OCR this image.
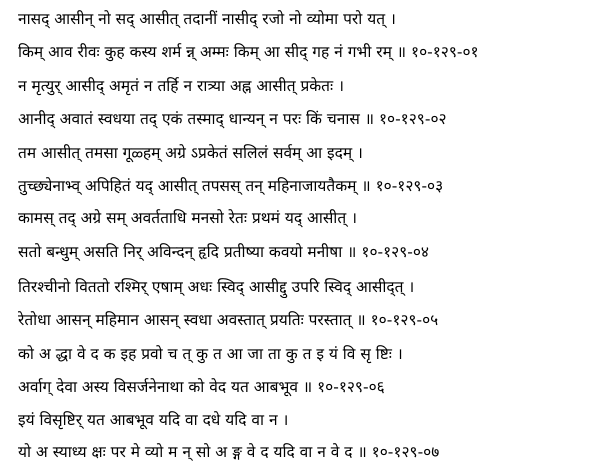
नासद् आसीन् नो सद् आसीत् तदानीं नासीद् रजो नो व्योमा परो यत् ।
किम् आव रीवः कुह कस्य शर्म न्न् अम्मः किम् आ सीद् गह नं गभी रम् ॥ १०-१२९-०१
न मृत्युर् आसीद् अमृतं न तर्हि न रात्र्या अह्न आसीत् प्रकेतः ।
आनीद् अवातं स्वधया तद् एकं तस्माद् धान्यन् न परः किं चनास ॥ १०-१२९-०२
तम आसीत् तमसा गूळ्हम् अग्रे ऽप्रकेतं सलिलं सर्वम् आ इदम् ।
तुच्छ्येनाभ्व् अपिहितं यद् आसीत् तपसस् तन् महिनाजायतैकम् ॥ १०-१२९-०३
कामस् तद् अग्रे सम् अवर्तताधि मनसो रेतः प्रथमं यद् आसीत् ।
सतो बन्धुम् असति निर् अविन्दन् हृदि प्रतीष्या कवयो मनीषा ॥ १०-१२९-०४
तिरश्चीनो विततो रश्मिर् एषाम् अधः स्विद् आसीद्दु उपरि स्विद् आसीद्त् ।
रेतोधा आसन् महिमान आसन् स्वधा अवस्तात् प्रयतिः परस्तात् ॥ १०-१२९-०५
को अ द्धा वे द क इह प्रवो च त् कु त आ जा ता कु त इ यं वि सृ ष्टिः ।
अर्वाग् देवा अस्य विसर्जनेनाथा को वेद यत आबभूव ॥ १०-१२९-०६
इयं विसृष्टिर् यत आबभूव यदि वा दधे यदि वा न ।
यो अ स्याध्य क्षः पर मे व्यो म न् सो अ ङ्ग वे द यदि वा न वे द ॥ १०-१२९-०७
